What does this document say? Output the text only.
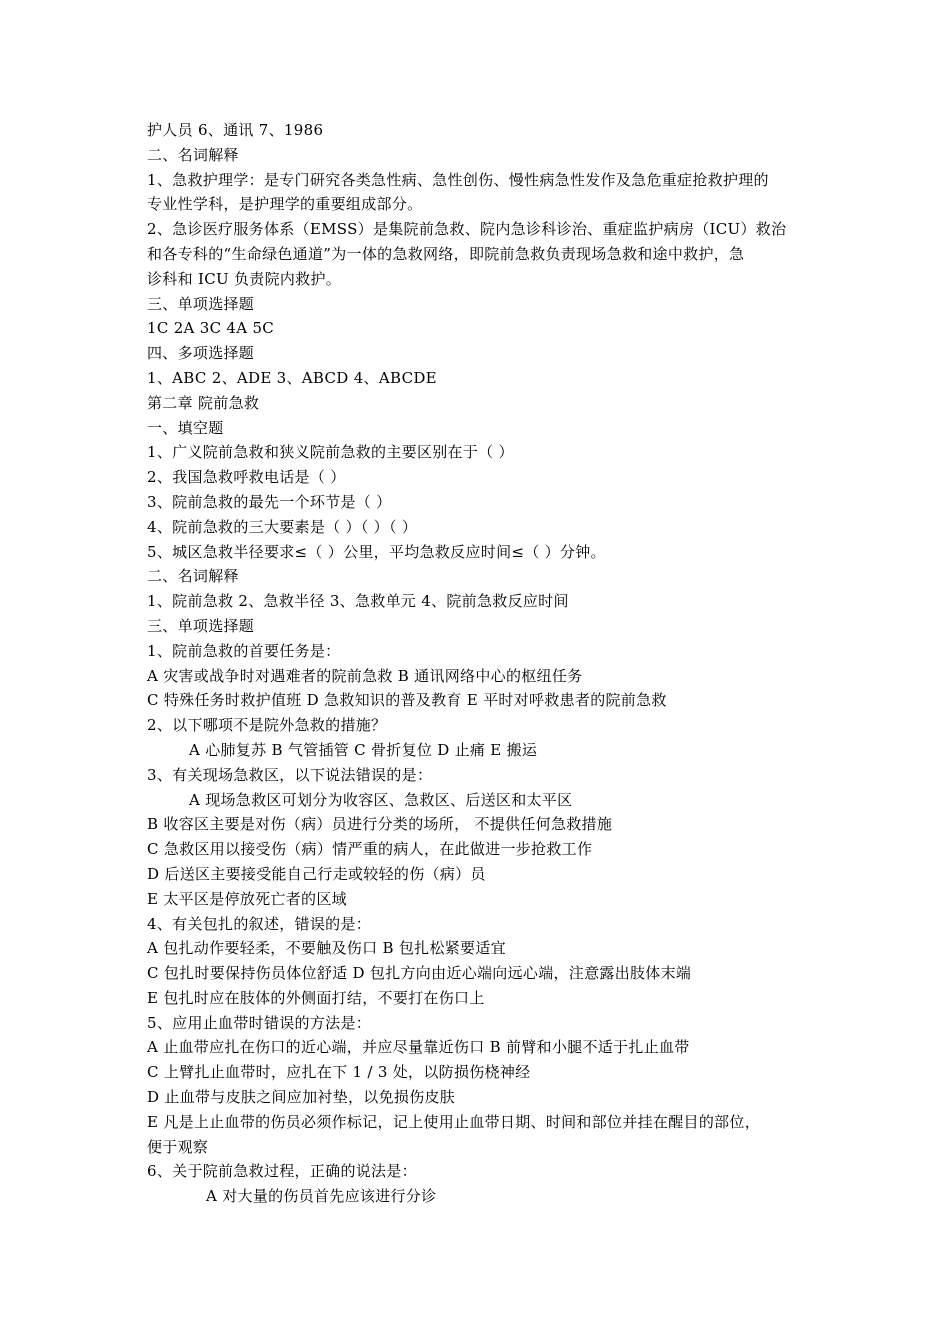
护人员 6、通讯 7、1986
二、名词解释
1、急救护理学：是专门研究各类急性病、急性创伤、慢性病急性发作及急危重症抢救护理的
专业性学科，是护理学的重要组成部分。
2、急诊医疗服务体系（EMSS）是集院前急救、院内急诊科诊治、重症监护病房（ICU）救治
和各专科的“生命绿色通道”为一体的急救网络，即院前急救负责现场急救和途中救护，急
诊科和 ICU 负责院内救护。
三、单项选择题
1C 2A 3C 4A 5C
四、多项选择题
1、ABC 2、ADE 3、ABCD 4、ABCDE
第二章 院前急救
一、填空题
1、广义院前急救和狭义院前急救的主要区别在于（ ）
2、我国急救呼救电话是（ ）
3、院前急救的最先一个环节是（ ）
4、院前急救的三大要素是（ ）（ ）（ ）
5、城区急救半径要求≤（ ）公里，平均急救反应时间≤（ ）分钟。
二、名词解释
1、院前急救 2、急救半径 3、急救单元 4、院前急救反应时间
三、单项选择题
1、院前急救的首要任务是：
A 灾害或战争时对遇难者的院前急救 B 通讯网络中心的枢纽任务
C 特殊任务时救护值班 D 急救知识的普及教育 E 平时对呼救患者的院前急救
2、以下哪项不是院外急救的措施？
A 心肺复苏 B 气管插管 C 骨折复位 D 止痛 E 搬运
3、有关现场急救区，以下说法错误的是：
A 现场急救区可划分为收容区、急救区、后送区和太平区
B 收容区主要是对伤（病）员进行分类的场所， 不提供任何急救措施
C 急救区用以接受伤（病）情严重的病人，在此做进一步抢救工作
D 后送区主要接受能自己行走或较轻的伤（病）员
E 太平区是停放死亡者的区域
4、有关包扎的叙述，错误的是：
A 包扎动作要轻柔，不要触及伤口 B 包扎松紧要适宜
C 包扎时要保持伤员体位舒适 D 包扎方向由近心端向远心端，注意露出肢体末端
E 包扎时应在肢体的外侧面打结，不要打在伤口上
5、应用止血带时错误的方法是：
A 止血带应扎在伤口的近心端，并应尽量靠近伤口 B 前臂和小腿不适于扎止血带
C 上臂扎止血带时，应扎在下 1 / 3 处，以防损伤桡神经
D 止血带与皮肤之间应加衬垫，以免损伤皮肤
E 凡是上止血带的伤员必须作标记，记上使用止血带日期、时间和部位并挂在醒目的部位，
便于观察
6、关于院前急救过程，正确的说法是：
A 对大量的伤员首先应该进行分诊
